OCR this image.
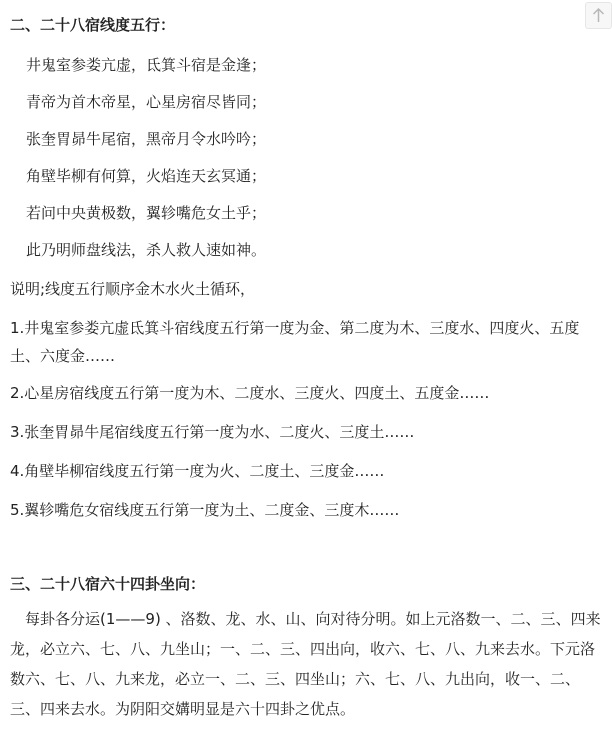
二、二十八宿线度五行：
井鬼室参娄亢虚，氐箕斗宿是金逢；
青帝为首木帝星，心星房宿尽皆同；
张奎胃昴牛尾宿，黑帝月令水吟吟；
角壁毕柳有何算，火焰连天玄冥通；
若问中央黄极数，翼轸嘴危女土乎；
此乃明师盘线法，杀人救人速如神。
说明;线度五行顺序金木水火土循环，
1.井鬼室参娄亢虚氐箕斗宿线度五行第一度为金、第二度为木、三度水、四度火、五度土、六度金……
2.心星房宿线度五行第一度为木、二度水、三度火、四度土、五度金……
3.张奎胃昴牛尾宿线度五行第一度为水、二度火、三度土……
4.角壁毕柳宿线度五行第一度为火、二度土、三度金……
5.翼轸嘴危女宿线度五行第一度为土、二度金、三度木……
三、二十八宿六十四卦坐向：
　每卦各分运(1——9) 、洛数、龙、水、山、向对待分明。如上元洛数一、二、三、四来龙，必立六、七、八、九坐山；一、二、三、四出向，收六、七、八、九来去水。下元洛数六、七、八、九来龙，必立一、二、三、四坐山；六、七、八、九出向，收一、二、三、四来去水。为阴阳交媾明显是六十四卦之优点。
